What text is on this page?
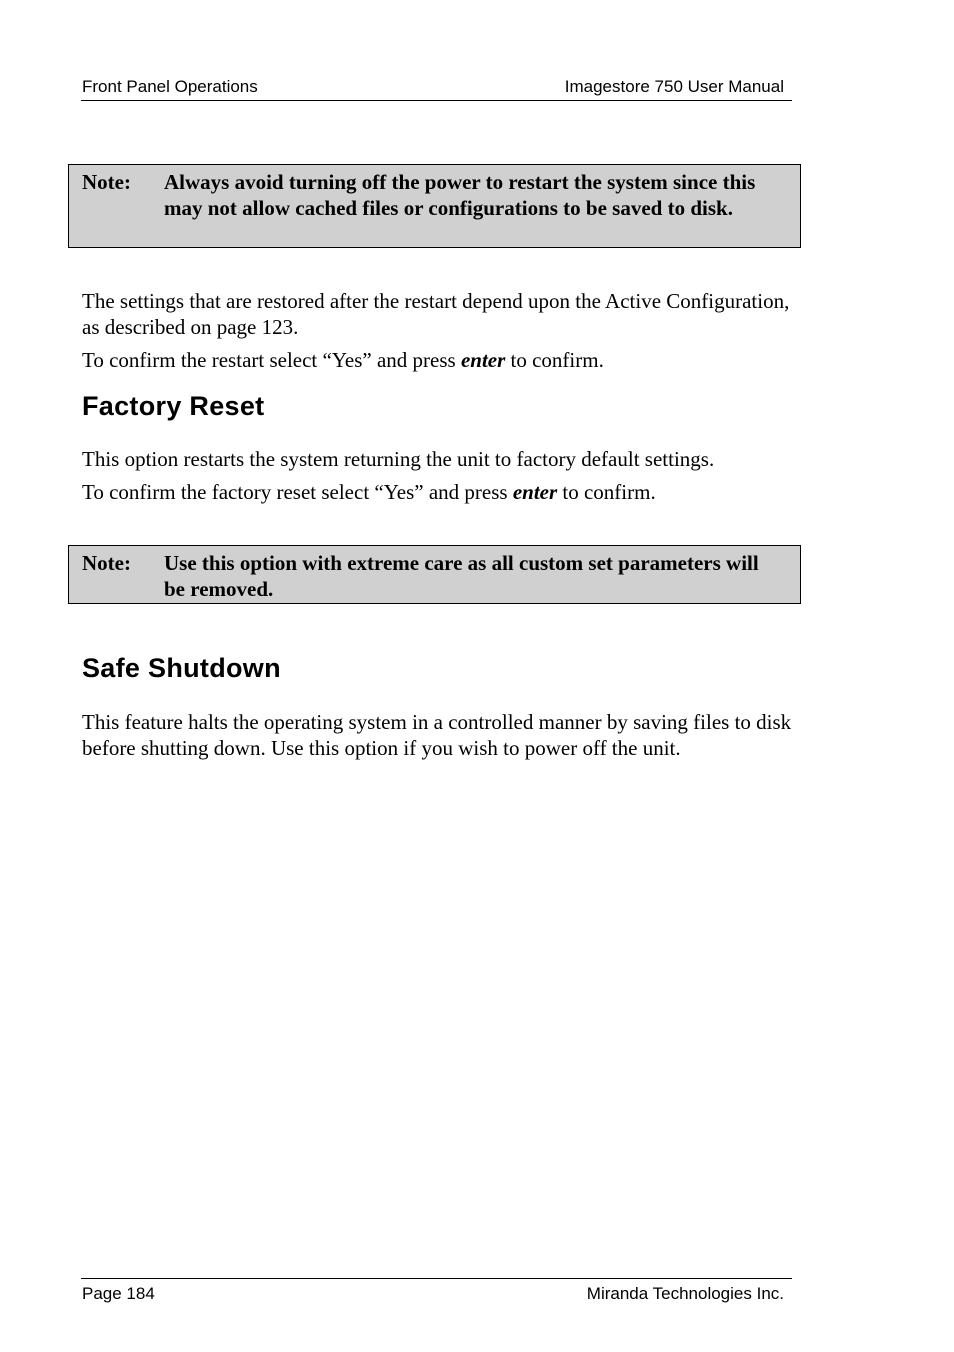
Front Panel Operations	Imagestore 750 User Manual
Note: Always avoid turning off the power to restart the system since this may not allow cached files or configurations to be saved to disk.
The settings that are restored after the restart depend upon the Active Configuration, as described on page 123.
To confirm the restart select “Yes” and press enter to confirm.
Factory Reset
This option restarts the system returning the unit to factory default settings.
To confirm the factory reset select “Yes” and press enter to confirm.
Note: Use this option with extreme care as all custom set parameters will be removed.
Safe Shutdown
This feature halts the operating system in a controlled manner by saving files to disk before shutting down. Use this option if you wish to power off the unit.
Page 184	Miranda Technologies Inc.
